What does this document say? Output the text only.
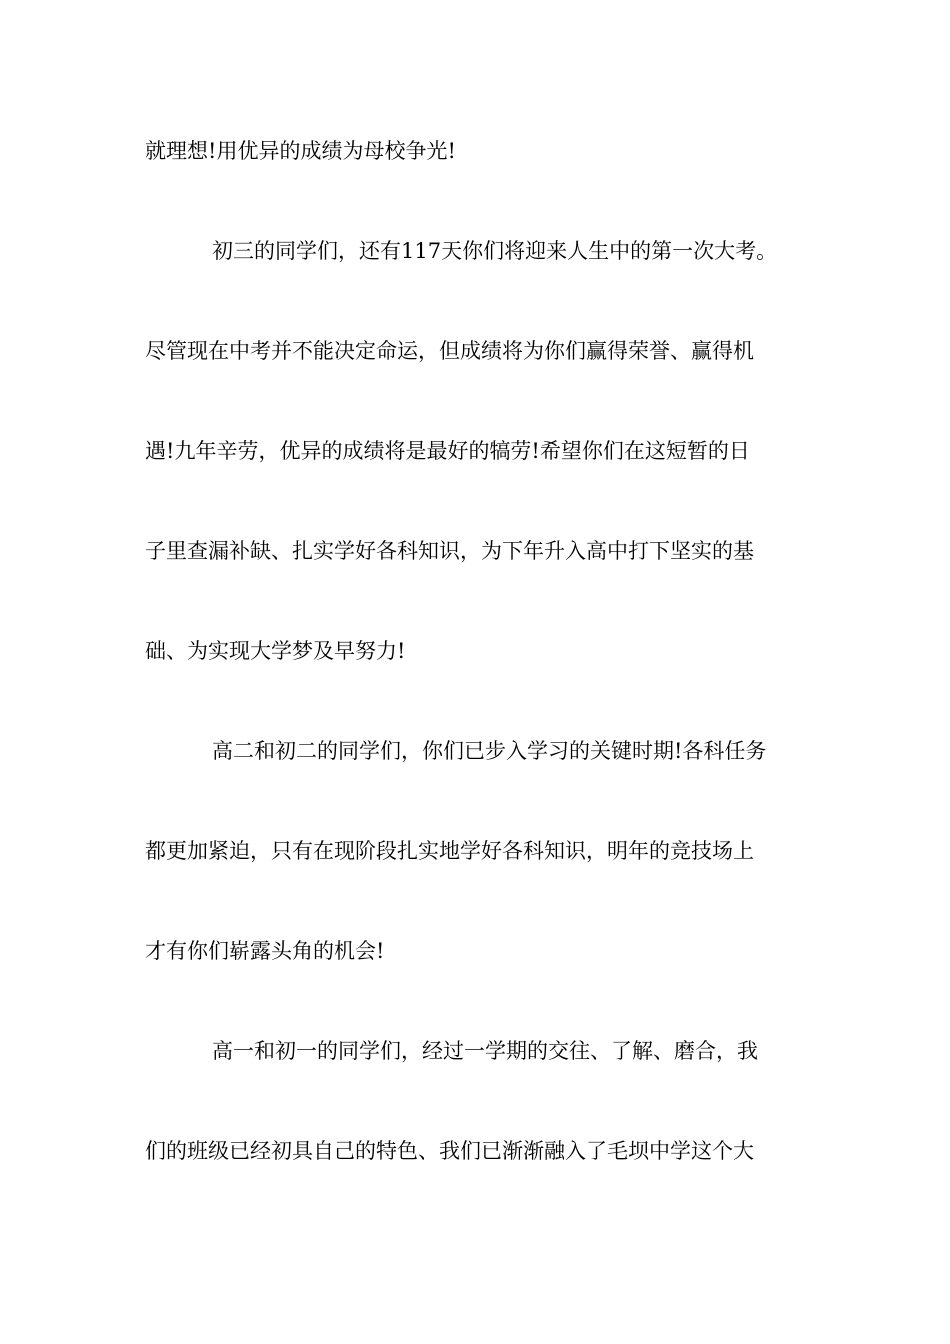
就理想!用优异的成绩为母校争光!
初三的同学们，还有117天你们将迎来人生中的第一次大考。
尽管现在中考并不能决定命运，但成绩将为你们赢得荣誉、赢得机
遇!九年辛劳，优异的成绩将是最好的犒劳!希望你们在这短暂的日
子里查漏补缺、扎实学好各科知识，为下年升入高中打下坚实的基
础、为实现大学梦及早努力!
高二和初二的同学们，你们已步入学习的关键时期!各科任务
都更加紧迫，只有在现阶段扎实地学好各科知识，明年的竞技场上
才有你们崭露头角的机会!
高一和初一的同学们，经过一学期的交往、了解、磨合，我
们的班级已经初具自己的特色、我们已渐渐融入了毛坝中学这个大
